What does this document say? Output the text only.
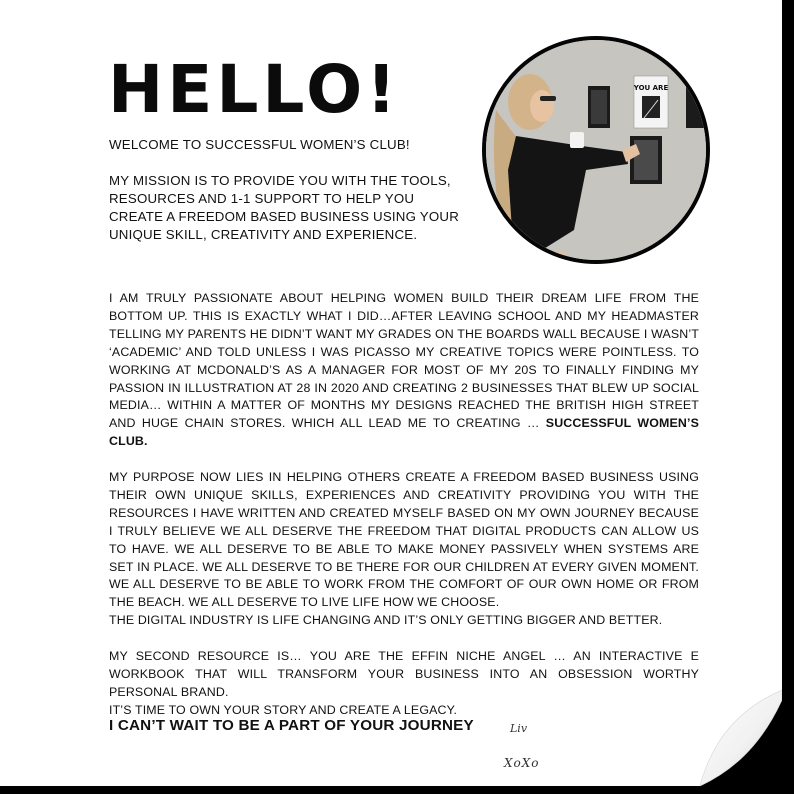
HELLO!

WELCOME TO SUCCESSFUL WOMEN’S CLUB!

MY MISSION IS TO PROVIDE YOU WITH THE TOOLS, RESOURCES AND 1-1 SUPPORT TO HELP YOU CREATE A FREEDOM BASED BUSINESS USING YOUR UNIQUE SKILL, CREATIVITY AND EXPERIENCE.

YOU ARE

I AM TRULY PASSIONATE ABOUT HELPING WOMEN BUILD THEIR DREAM LIFE FROM THE BOTTOM UP. THIS IS EXACTLY WHAT I DID…AFTER LEAVING SCHOOL AND MY HEADMASTER TELLING MY PARENTS HE DIDN’T WANT MY GRADES ON THE BOARDS WALL BECAUSE I WASN’T ‘ACADEMIC’ AND TOLD UNLESS I WAS PICASSO MY CREATIVE TOPICS WERE POINTLESS. TO WORKING AT MCDONALD’S AS A MANAGER FOR MOST OF MY 20S TO FINALLY FINDING MY PASSION IN ILLUSTRATION AT 28 IN 2020 AND CREATING 2 BUSINESSES THAT BLEW UP SOCIAL MEDIA… WITHIN A MATTER OF MONTHS MY DESIGNS REACHED THE BRITISH HIGH STREET AND HUGE CHAIN STORES. WHICH ALL LEAD ME TO CREATING … SUCCESSFUL WOMEN’S CLUB.

MY PURPOSE NOW LIES IN HELPING OTHERS CREATE A FREEDOM BASED BUSINESS USING THEIR OWN UNIQUE SKILLS, EXPERIENCES AND CREATIVITY PROVIDING YOU WITH THE RESOURCES I HAVE WRITTEN AND CREATED MYSELF BASED ON MY OWN JOURNEY BECAUSE I TRULY BELIEVE WE ALL DESERVE THE FREEDOM THAT DIGITAL PRODUCTS CAN ALLOW US TO HAVE. WE ALL DESERVE TO BE ABLE TO MAKE MONEY PASSIVELY WHEN SYSTEMS ARE SET IN PLACE. WE ALL DESERVE TO BE THERE FOR OUR CHILDREN AT EVERY GIVEN MOMENT. WE ALL DESERVE TO BE ABLE TO WORK FROM THE COMFORT OF OUR OWN HOME OR FROM THE BEACH. WE ALL DESERVE TO LIVE LIFE HOW WE CHOOSE.
THE DIGITAL INDUSTRY IS LIFE CHANGING AND IT’S ONLY GETTING BIGGER AND BETTER.

MY SECOND RESOURCE IS… YOU ARE THE EFFIN NICHE ANGEL … AN INTERACTIVE E WORKBOOK THAT WILL TRANSFORM YOUR BUSINESS INTO AN OBSESSION WORTHY PERSONAL BRAND.
IT’S TIME TO OWN YOUR STORY AND CREATE A LEGACY.

I CAN’T WAIT TO BE A PART OF YOUR JOURNEY	Liv
XoXo
